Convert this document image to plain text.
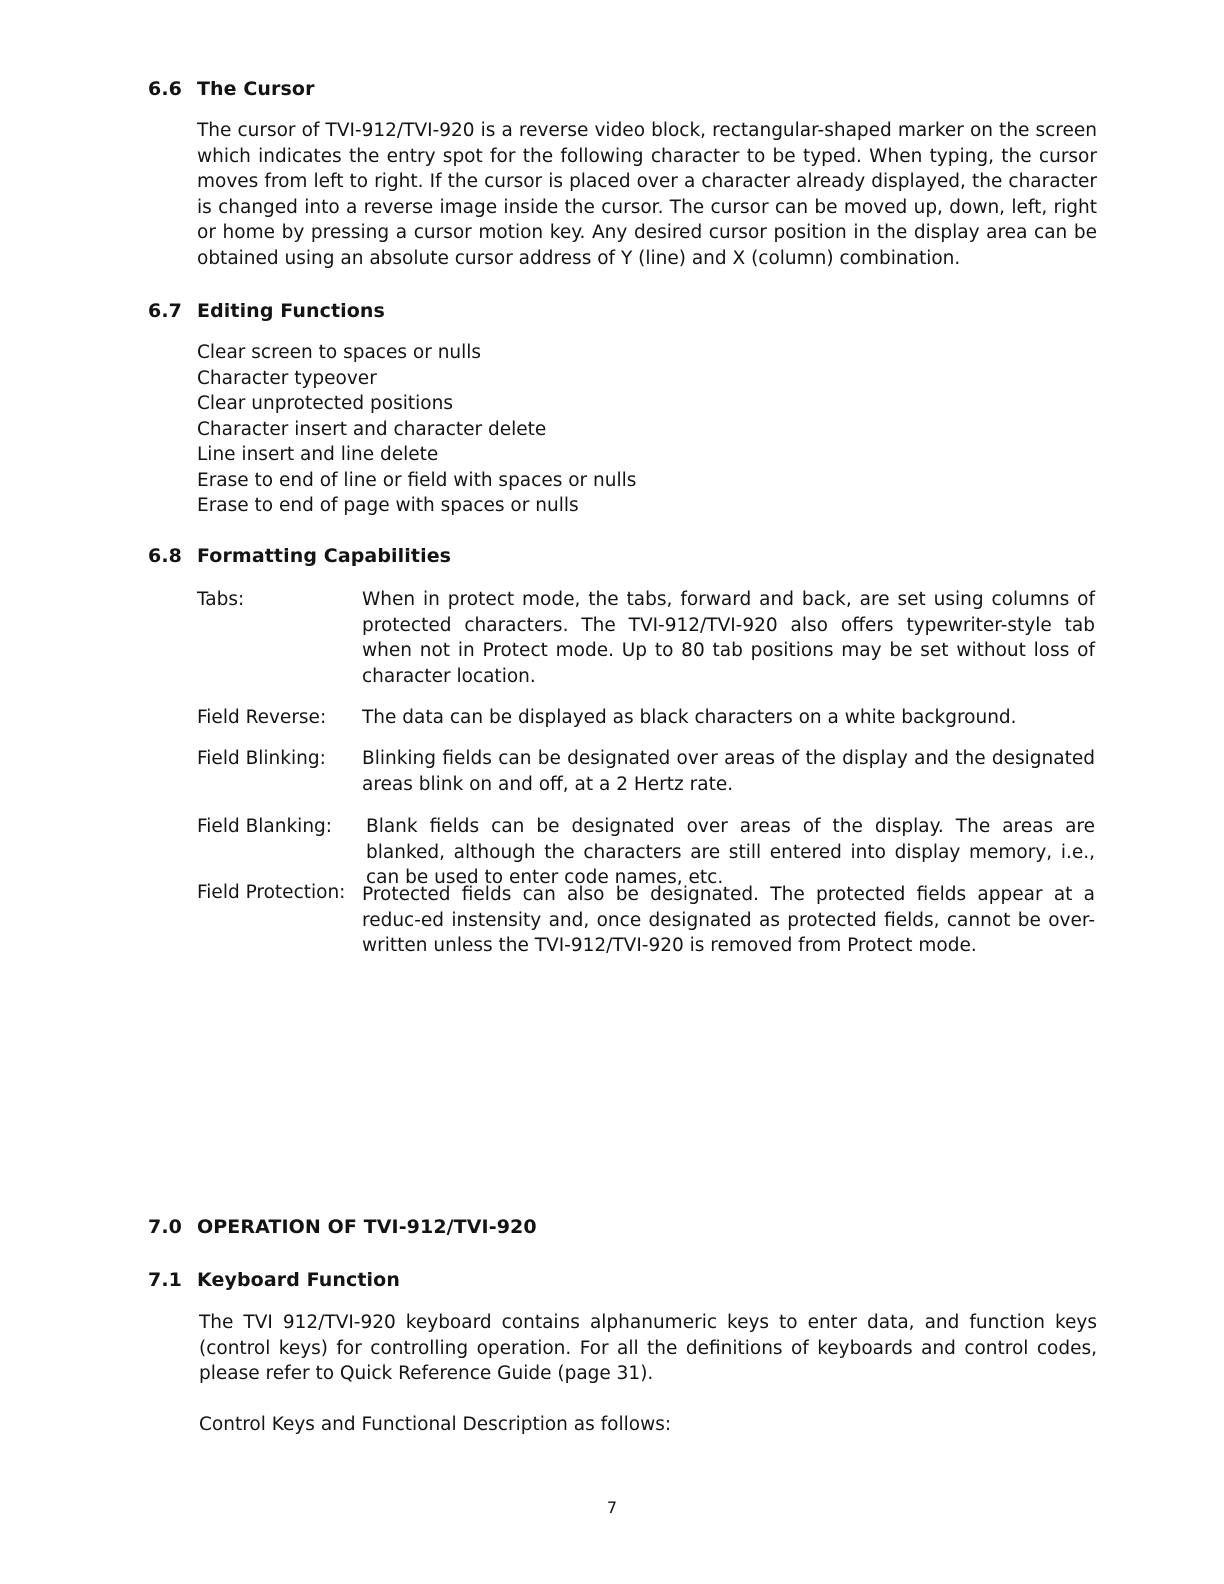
6.6 The Cursor

The cursor of TVI-912/TVI-920 is a reverse video block, rectangular-shaped marker on the screen which indicates the entry spot for the following character to be typed. When typing, the cursor moves from left to right. If the cursor is placed over a character already displayed, the character is changed into a reverse image inside the cursor. The cursor can be moved up, down, left, right or home by pressing a cursor motion key. Any desired cursor position in the display area can be obtained using an absolute cursor address of Y (line) and X (column) combination.

6.7 Editing Functions
Clear screen to spaces or nulls
Character typeover
Clear unprotected positions
Character insert and character delete
Line insert and line delete
Erase to end of line or field with spaces or nulls
Erase to end of page with spaces or nulls
6.8 Formatting Capabilities
Tabs:	When in protect mode, the tabs, forward and back, are set using columns of protected characters. The TVI-912/TVI-920 also offers typewriter-style tab when not in Protect mode. Up to 80 tab positions may be set without loss of character location.

Field Reverse: The data can be displayed as black characters on a white background.

Field Blinking: Blinking fields can be designated over areas of the display and the designated areas blink on and off, at a 2 Hertz rate.

Field Blanking: Blank fields can be designated over areas of the display. The areas are blanked, although the characters are still entered into display memory, i.e., can be used to enter code names, etc.

Field Protection: Protected fields can also be designated. The protected fields appear at a reduc-ed instensity and, once designated as protected fields, cannot be over-written unless the TVI-912/TVI-920 is removed from Protect mode.

7.0 OPERATION OF TVI-912/TVI-920
7.1 Keyboard Function

The TVI 912/TVI-920 keyboard contains alphanumeric keys to enter data, and function keys (control keys) for controlling operation. For all the definitions of keyboards and control codes, please refer to Quick Reference Guide (page 31).

Control Keys and Functional Description as follows:

7
